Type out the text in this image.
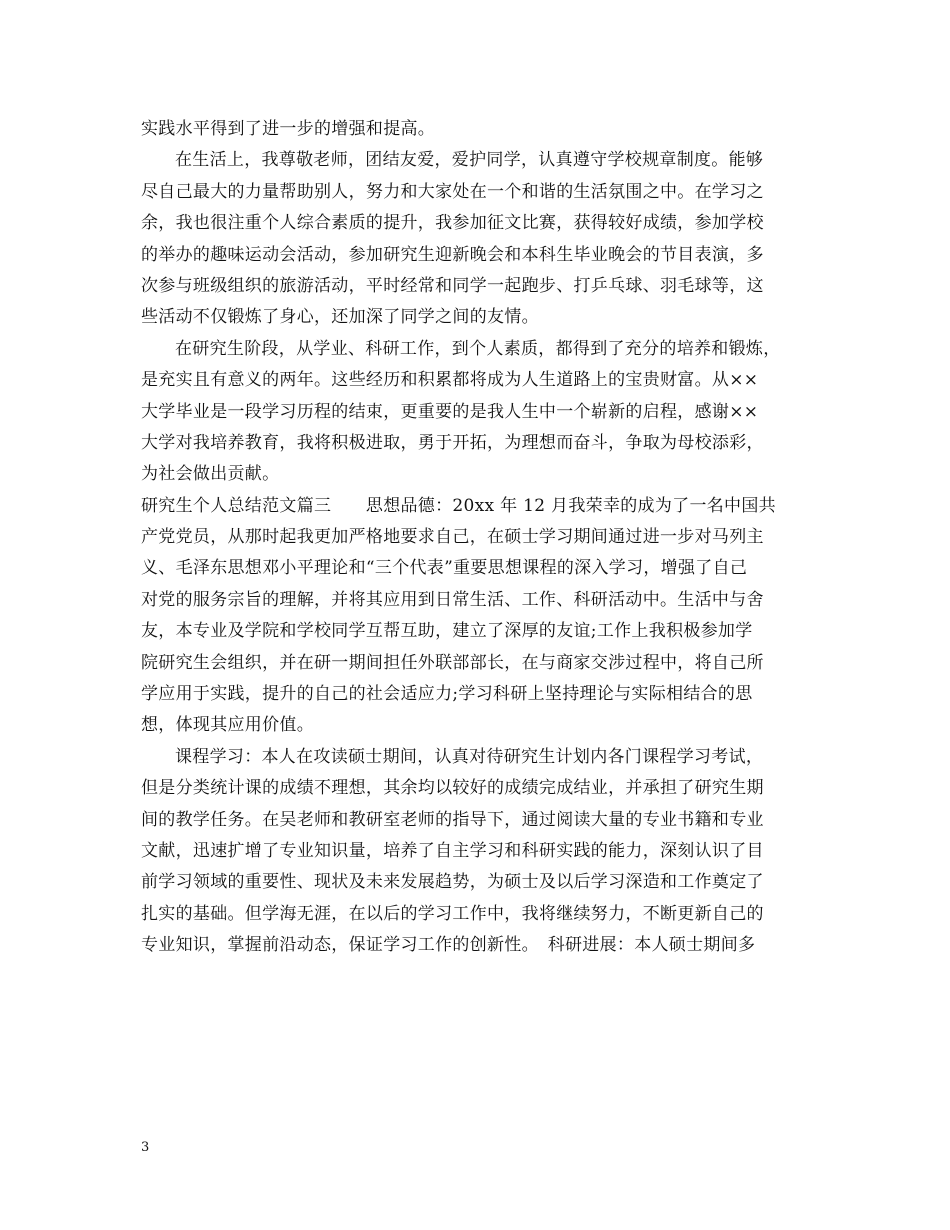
实践水平得到了进一步的增强和提高。
在生活上，我尊敬老师，团结友爱，爱护同学，认真遵守学校规章制度。能够
尽自己最大的力量帮助别人，努力和大家处在一个和谐的生活氛围之中。在学习之
余，我也很注重个人综合素质的提升，我参加征文比赛，获得较好成绩，参加学校
的举办的趣味运动会活动，参加研究生迎新晚会和本科生毕业晚会的节目表演，多
次参与班级组织的旅游活动，平时经常和同学一起跑步、打乒乓球、羽毛球等，这
些活动不仅锻炼了身心，还加深了同学之间的友情。
在研究生阶段，从学业、科研工作，到个人素质，都得到了充分的培养和锻炼，
是充实且有意义的两年。这些经历和积累都将成为人生道路上的宝贵财富。从××
大学毕业是一段学习历程的结束，更重要的是我人生中一个崭新的启程，感谢××
大学对我培养教育，我将积极进取，勇于开拓，为理想而奋斗，争取为母校添彩，
为社会做出贡献。
研究生个人总结范文篇三　　思想品德：20xx 年 12 月我荣幸的成为了一名中国共
产党党员，从那时起我更加严格地要求自己，在硕士学习期间通过进一步对马列主
义、毛泽东思想邓小平理论和“三个代表”重要思想课程的深入学习，增强了自己
对党的服务宗旨的理解，并将其应用到日常生活、工作、科研活动中。生活中与舍
友，本专业及学院和学校同学互帮互助，建立了深厚的友谊;工作上我积极参加学
院研究生会组织，并在研一期间担任外联部部长，在与商家交涉过程中，将自己所
学应用于实践，提升的自己的社会适应力;学习科研上坚持理论与实际相结合的思
想，体现其应用价值。
课程学习：本人在攻读硕士期间，认真对待研究生计划内各门课程学习考试，
但是分类统计课的成绩不理想，其余均以较好的成绩完成结业，并承担了研究生期
间的教学任务。在吴老师和教研室老师的指导下，通过阅读大量的专业书籍和专业
文献，迅速扩增了专业知识量，培养了自主学习和科研实践的能力，深刻认识了目
前学习领域的重要性、现状及未来发展趋势，为硕士及以后学习深造和工作奠定了
扎实的基础。但学海无涯，在以后的学习工作中，我将继续努力，不断更新自己的
专业知识，掌握前沿动态，保证学习工作的创新性。　科研进展：本人硕士期间多
3
